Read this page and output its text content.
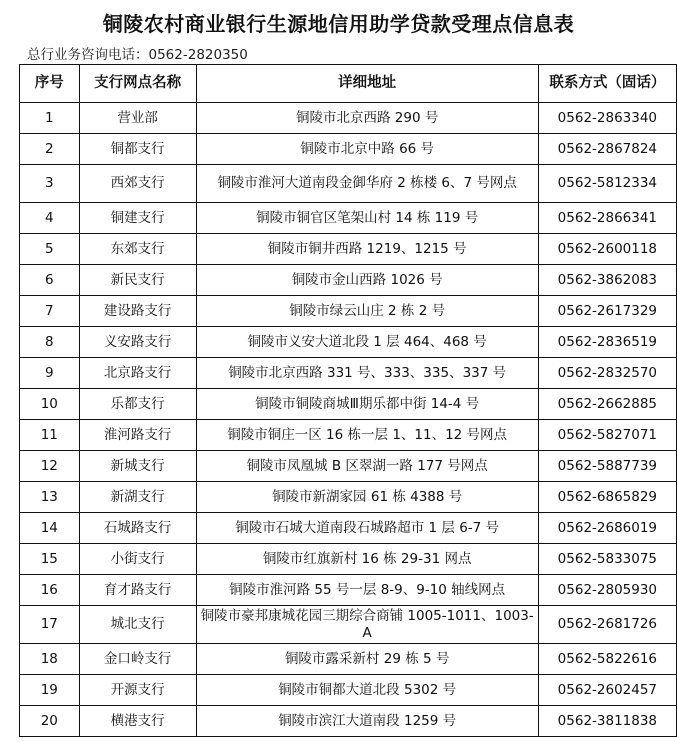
铜陵农村商业银行生源地信用助学贷款受理点信息表
总行业务咨询电话：0562-2820350
序号	支行网点名称	详细地址	联系方式（固话）
1	营业部	铜陵市北京西路 290 号	0562-2863340
2	铜都支行	铜陵市北京中路 66 号	0562-2867824
3	西郊支行	铜陵市淮河大道南段金御华府 2 栋楼 6、7 号网点	0562-5812334
4	铜建支行	铜陵市铜官区笔架山村 14 栋 119 号	0562-2866341
5	东郊支行	铜陵市铜井西路 1219、1215 号	0562-2600118
6	新民支行	铜陵市金山西路 1026 号	0562-3862083
7	建设路支行	铜陵市绿云山庄 2 栋 2 号	0562-2617329
8	义安路支行	铜陵市义安大道北段 1 层 464、468 号	0562-2836519
9	北京路支行	铜陵市北京西路 331 号、333、335、337 号	0562-2832570
10	乐都支行	铜陵市铜陵商城Ⅲ期乐都中街 14-4 号	0562-2662885
11	淮河路支行	铜陵市铜庄一区 16 栋一层 1、11、12 号网点	0562-5827071
12	新城支行	铜陵市凤凰城 B 区翠湖一路 177 号网点	0562-5887739
13	新湖支行	铜陵市新湖家园 61 栋 4388 号	0562-6865829
14	石城路支行	铜陵市石城大道南段石城路超市 1 层 6-7 号	0562-2686019
15	小街支行	铜陵市红旗新村 16 栋 29-31 网点	0562-5833075
16	育才路支行	铜陵市淮河路 55 号一层 8-9、9-10 轴线网点	0562-2805930
17	城北支行	铜陵市豪邦康城花园三期综合商铺 1005-1011、1003-A	0562-2681726
18	金口岭支行	铜陵市露采新村 29 栋 5 号	0562-5822616
19	开源支行	铜陵市铜都大道北段 5302 号	0562-2602457
20	横港支行	铜陵市滨江大道南段 1259 号	0562-3811838
